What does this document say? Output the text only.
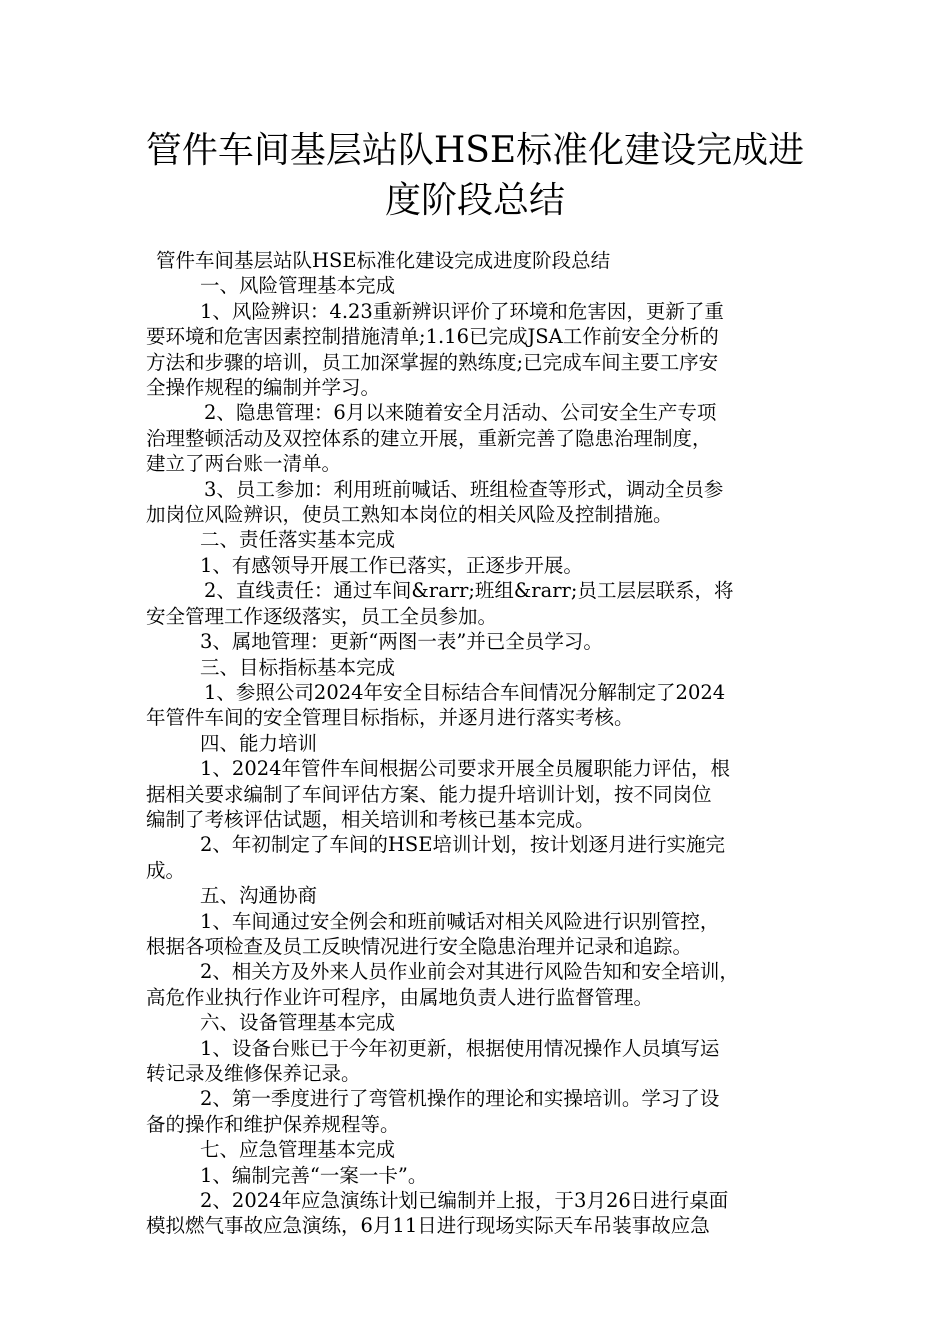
管件车间基层站队HSE标准化建设完成进
度阶段总结

管件车间基层站队HSE标准化建设完成进度阶段总结

一、风险管理基本完成

1、风险辨识：4.23重新辨识评价了环境和危害因，更新了重

要环境和危害因素控制措施清单;1.16已完成JSA工作前安全分析的

方法和步骤的培训，员工加深掌握的熟练度;已完成车间主要工序安

全操作规程的编制并学习。

2、隐患管理：6月以来随着安全月活动、公司安全生产专项

治理整顿活动及双控体系的建立开展，重新完善了隐患治理制度，

建立了两台账一清单。

3、员工参加：利用班前喊话、班组检查等形式，调动全员参

加岗位风险辨识，使员工熟知本岗位的相关风险及控制措施。

二、责任落实基本完成

1、有感领导开展工作已落实，正逐步开展。

2、直线责任：通过车间&rarr;班组&rarr;员工层层联系，将

安全管理工作逐级落实，员工全员参加。

3、属地管理：更新“两图一表”并已全员学习。

三、目标指标基本完成

1、参照公司2024年安全目标结合车间情况分解制定了2024

年管件车间的安全管理目标指标，并逐月进行落实考核。

四、能力培训

1、2024年管件车间根据公司要求开展全员履职能力评估，根

据相关要求编制了车间评估方案、能力提升培训计划，按不同岗位

编制了考核评估试题，相关培训和考核已基本完成。

2、年初制定了车间的HSE培训计划，按计划逐月进行实施完

成。

五、沟通协商

1、车间通过安全例会和班前喊话对相关风险进行识别管控，

根据各项检查及员工反映情况进行安全隐患治理并记录和追踪。

2、相关方及外来人员作业前会对其进行风险告知和安全培训，

高危作业执行作业许可程序，由属地负责人进行监督管理。

六、设备管理基本完成

1、设备台账已于今年初更新，根据使用情况操作人员填写运

转记录及维修保养记录。

2、第一季度进行了弯管机操作的理论和实操培训。学习了设

备的操作和维护保养规程等。

七、应急管理基本完成

1、编制完善“一案一卡”。

2、2024年应急演练计划已编制并上报，于3月26日进行桌面

模拟燃气事故应急演练，6月11日进行现场实际天车吊装事故应急
